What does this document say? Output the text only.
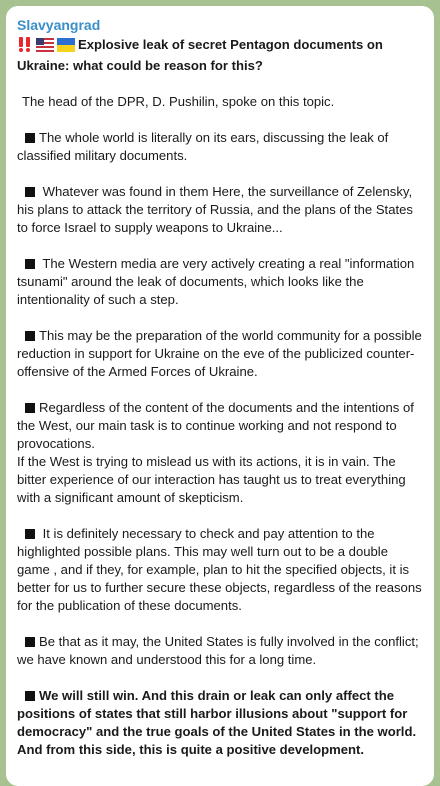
Slavyangrad
Explosive leak of secret Pentagon documents on Ukraine: what could be reason for this?
The head of the DPR, D. Pushilin, spoke on this topic.
The whole world is literally on its ears, discussing the leak of classified military documents.
Whatever was found in them Here, the surveillance of Zelensky, his plans to attack the territory of Russia, and the plans of the States to force Israel to supply weapons to Ukraine...
The Western media are very actively creating a real "information tsunami" around the leak of documents, which looks like the intentionality of such a step.
This may be the preparation of the world community for a possible reduction in support for Ukraine on the eve of the publicized counter-offensive of the Armed Forces of Ukraine.
Regardless of the content of the documents and the intentions of the West, our main task is to continue working and not respond to provocations.
If the West is trying to mislead us with its actions, it is in vain. The bitter experience of our interaction has taught us to treat everything with a significant amount of skepticism.
It is definitely necessary to check and pay attention to the highlighted possible plans. This may well turn out to be a double game , and if they, for example, plan to hit the specified objects, it is better for us to further secure these objects, regardless of the reasons for the publication of these documents.
Be that as it may, the United States is fully involved in the conflict; we have known and understood this for a long time.
We will still win. And this drain or leak can only affect the positions of states that still harbor illusions about "support for democracy" and the true goals of the United States in the world. And from this side, this is quite a positive development.
